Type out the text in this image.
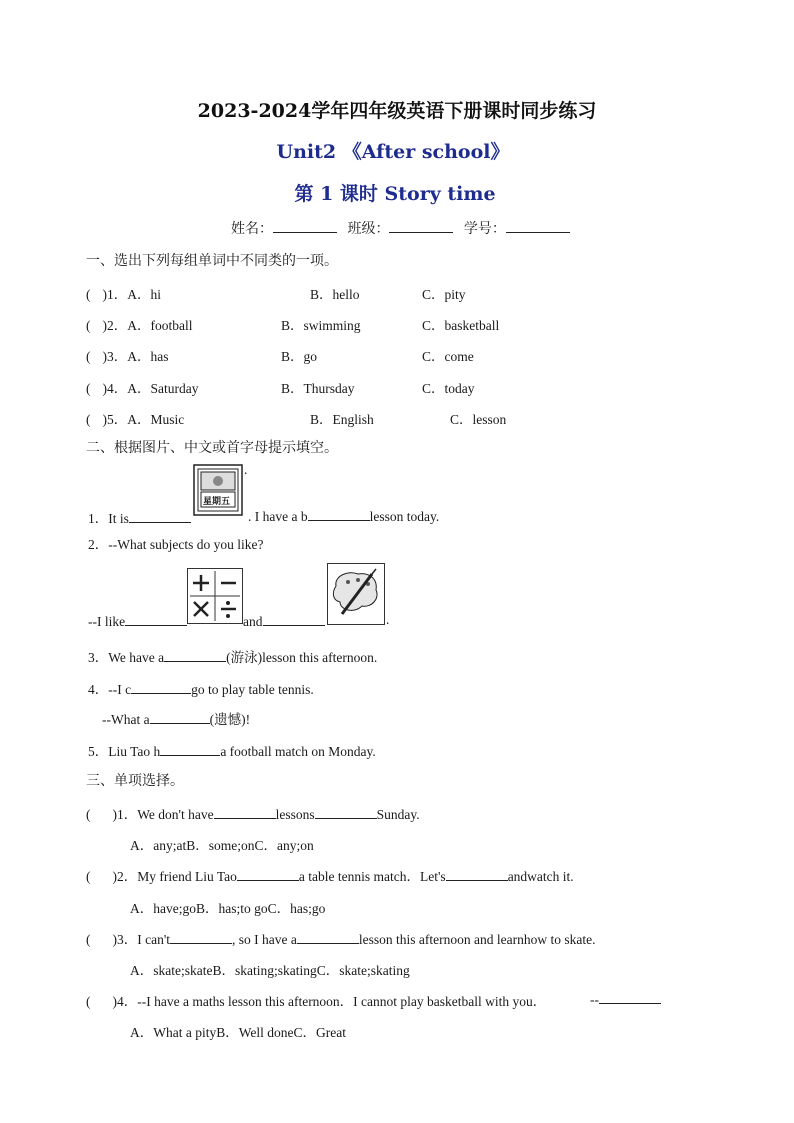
2023-2024学年四年级英语下册课时同步练习
Unit2 《After school》
第 1 课时 Story time
姓名：	班级：	学号：
一、选出下列每组单词中不同类的一项。
( )1．A．hi	B．hello	C．pity
( )2．A．football	B．swimming	C．basketball
( )3．A．has	B．go	C．come
( )4．A．Saturday	B．Thursday	C．today
( )5．A．Music	B．English	C．lesson
二、根据图片、中文或首字母提示填空。
星期五
.
1．It is	. I have a b	lesson today.
2．--What subjects do you like?
--I like	and	.
3．We have a	(游泳)lesson this afternoon.
4．--I c	go to play table tennis.
--What a	(遗憾)!
5．Liu Tao h	a football match on Monday.
三、单项选择。
( )1．We don't have	lessons	Sunday.
A．any;atB．some;onC．any;on
( )2．My friend Liu Tao	a table tennis match．Let's	andwatch it.
A．have;goB．has;to goC．has;go
( )3．I can't	, so I have a	lesson this afternoon and learnhow to skate.
A．skate;skateB．skating;skatingC．skate;skating
( )4．--I have a maths lesson this afternoon．I cannot play basketball with you．	--
A．What a pityB．Well doneC．Great
